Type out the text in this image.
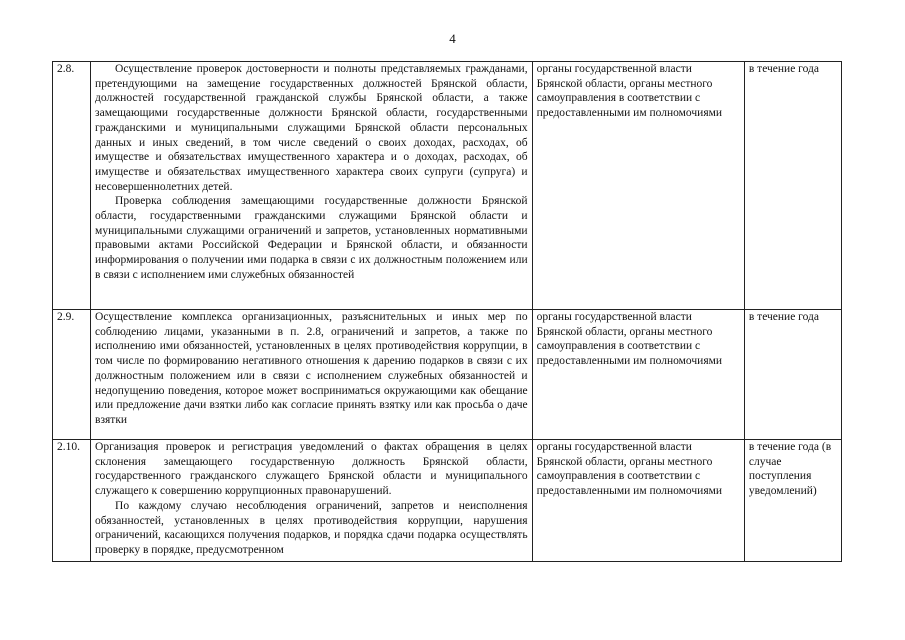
4
2.8.	Осуществление проверок достоверности и полноты представляемых гражданами, претендующими на замещение государственных должностей Брянской области, должностей государственной гражданской службы Брянской области, а также замещающими государственные должности Брянской области, государственными гражданскими и муниципальными служащими Брянской области персональных данных и иных сведений, в том числе сведений о своих доходах, расходах, об имуществе и обязательствах имущественного характера и о доходах, расходах, об имуществе и обязательствах имущественного характера своих супруги (супруга) и несовершеннолетних детей.

Проверка соблюдения замещающими государственные должности Брянской области, государственными гражданскими служащими Брянской области и муниципальными служащими ограничений и запретов, установленных нормативными правовыми актами Российской Федерации и Брянской области, и обязанности информирования о получении ими подарка в связи с их должностным положением или в связи с исполнением ими служебных обязанностей	органы государственной власти Брянской области, органы местного самоуправления в соответствии с предоставленными им полномочиями	в течение года
2.9.	Осуществление комплекса организационных, разъяснительных и иных мер по соблюдению лицами, указанными в п. 2.8, ограничений и запретов, а также по исполнению ими обязанностей, установленных в целях противодействия коррупции, в том числе по формированию негативного отношения к дарению подарков в связи с их должностным положением или в связи с исполнением служебных обязанностей и недопущению поведения, которое может восприниматься окружающими как обещание или предложение дачи взятки либо как согласие принять взятку или как просьба о даче взятки	органы государственной власти Брянской области, органы местного самоуправления в соответствии с предоставленными им полномочиями	в течение года
2.10.	Организация проверок и регистрация уведомлений о фактах обращения в целях склонения замещающего государственную должность Брянской области, государственного гражданского служащего Брянской области и муниципального служащего к совершению коррупционных правонарушений.

По каждому случаю несоблюдения ограничений, запретов и неисполнения обязанностей, установленных в целях противодействия коррупции, нарушения ограничений, касающихся получения подарков, и порядка сдачи подарка осуществлять проверку в порядке, предусмотренном	органы государственной власти Брянской области, органы местного самоуправления в соответствии с предоставленными им полномочиями	в течение года (в случае поступления уведомлений)
